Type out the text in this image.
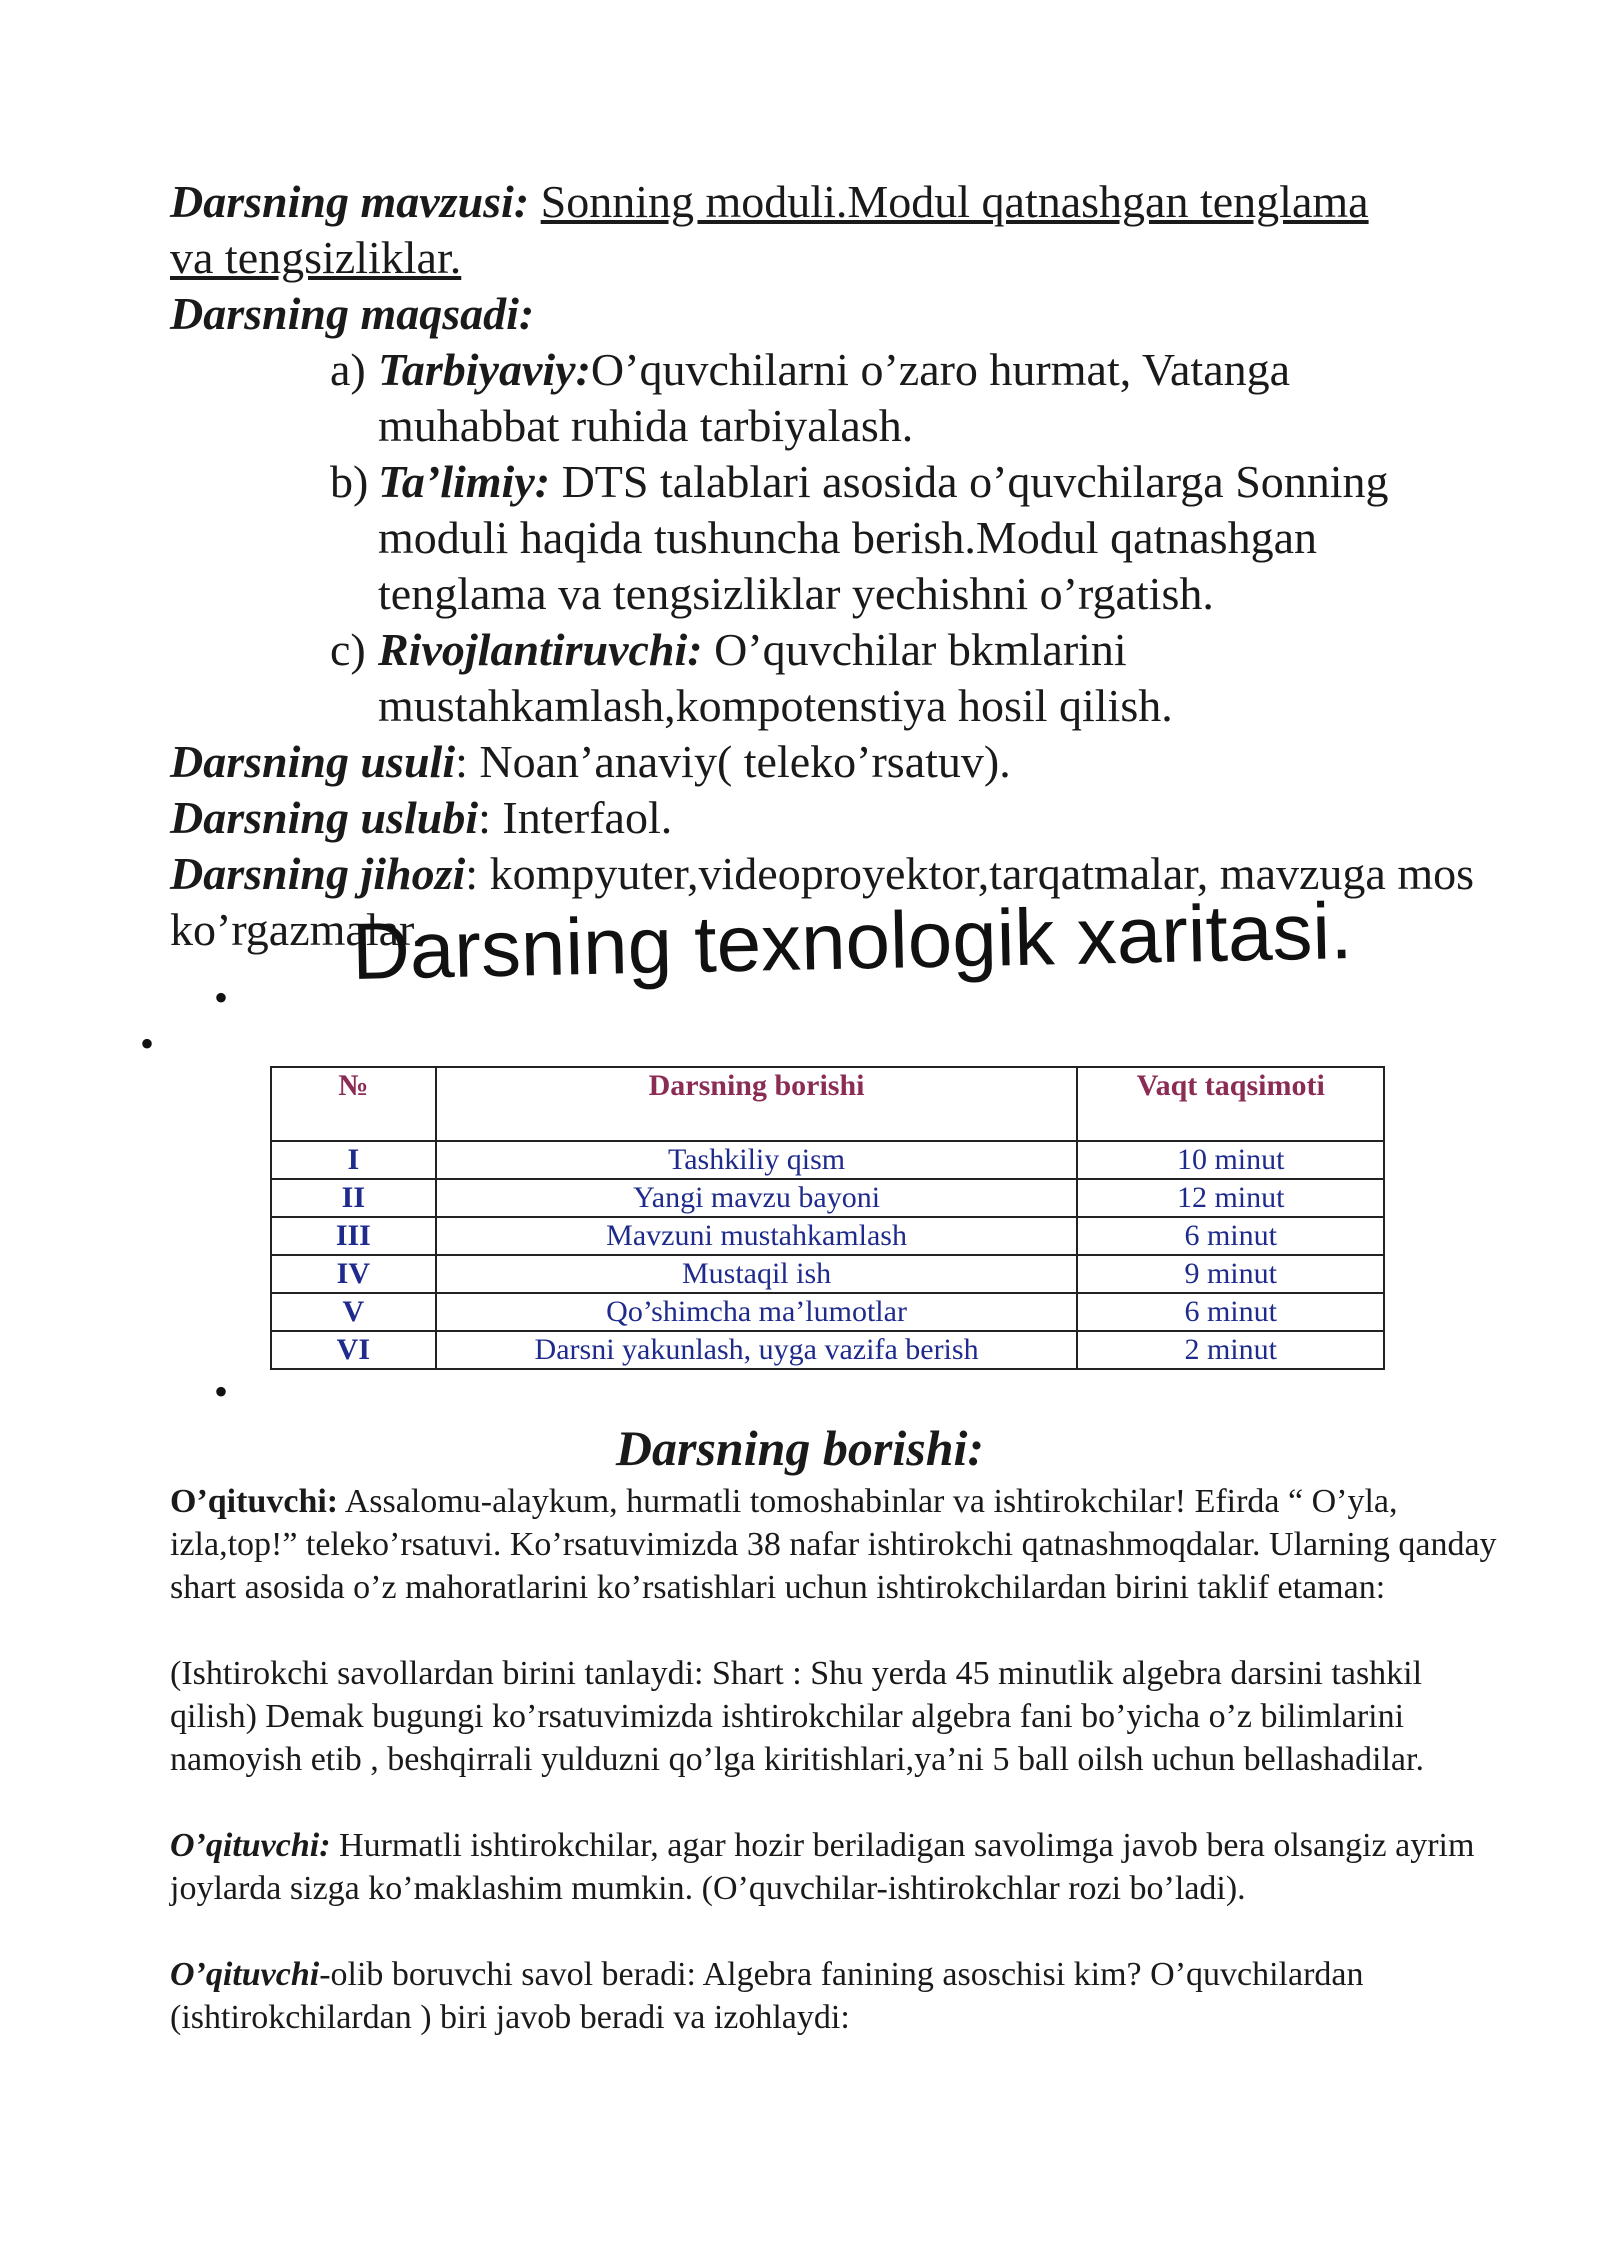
Darsning mavzusi: Sonning moduli.Modul qatnashgan tenglama
va tengsizliklar.
Darsning maqsadi:
a) Tarbiyaviy:O’quvchilarni o’zaro hurmat, Vatanga muhabbat ruhida tarbiyalash.
b) Ta’limiy: DTS talablari asosida o’quvchilarga Sonning moduli haqida tushuncha berish.Modul qatnashgan tenglama va tengsizliklar yechishni o’rgatish.
c) Rivojlantiruvchi: O’quvchilar bkmlarini mustahkamlash,kompotenstiya hosil qilish.
Darsning usuli: Noan’anaviy( teleko’rsatuv).
Darsning uslubi: Interfaol.
Darsning jihozi: kompyuter,videoproyektor,tarqatmalar, mavzuga mos ko’rgazmalar.
Darsning texnologik xaritasi.
•
•
№	Darsning borishi	Vaqt taqsimoti
I	Tashkiliy qism	10 minut
II	Yangi mavzu bayoni	12 minut
III	Mavzuni mustahkamlash	6 minut
IV	Mustaqil ish	9 minut
V	Qo’shimcha ma’lumotlar	6 minut
VI	Darsni yakunlash, uyga vazifa berish	2 minut
•
Darsning borishi:
O’qituvchi: Assalomu-alaykum, hurmatli tomoshabinlar va ishtirokchilar! Efirda “ O’yla, izla,top!” teleko’rsatuvi. Ko’rsatuvimizda 38 nafar ishtirokchi qatnashmoqdalar. Ularning qanday shart asosida o’z mahoratlarini ko’rsatishlari uchun ishtirokchilardan birini taklif etaman:
(Ishtirokchi savollardan birini tanlaydi: Shart : Shu yerda 45 minutlik algebra darsini tashkil qilish) Demak bugungi ko’rsatuvimizda ishtirokchilar algebra fani bo’yicha o’z bilimlarini namoyish etib , beshqirrali yulduzni qo’lga kiritishlari,ya’ni 5 ball oilsh uchun bellashadilar.
O’qituvchi: Hurmatli ishtirokchilar, agar hozir beriladigan savolimga javob bera olsangiz ayrim joylarda sizga ko’maklashim mumkin. (O’quvchilar-ishtirokchlar rozi bo’ladi).
O’qituvchi-olib boruvchi savol beradi: Algebra fanining asoschisi kim? O’quvchilardan (ishtirokchilardan ) biri javob beradi va izohlaydi:
